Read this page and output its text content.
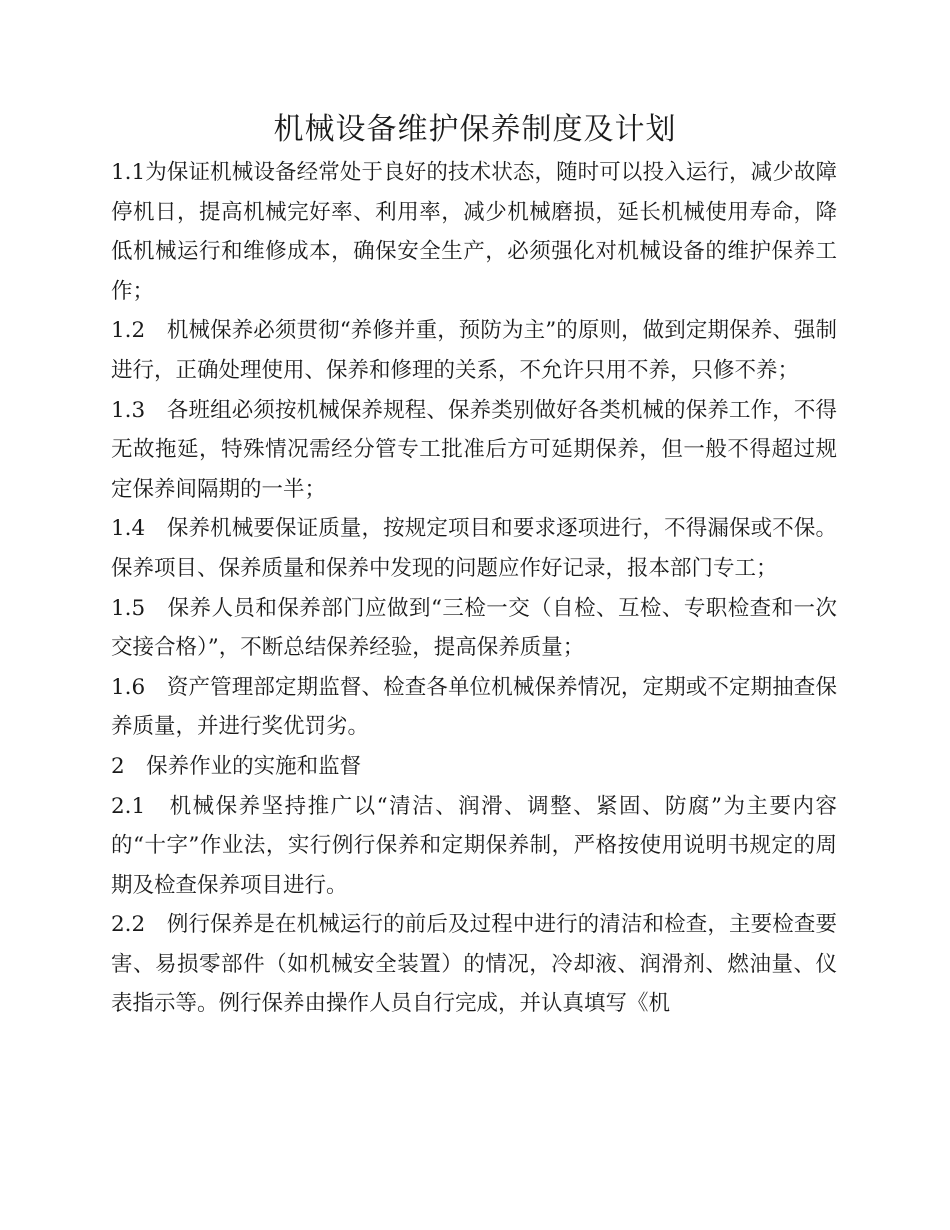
机械设备维护保养制度及计划

1.1为保证机械设备经常处于良好的技术状态，随时可以投入运行，减少故障停机日，提高机械完好率、利用率，减少机械磨损，延长机械使用寿命，降低机械运行和维修成本，确保安全生产，必须强化对机械设备的维护保养工作；

1.2　机械保养必须贯彻“养修并重，预防为主”的原则，做到定期保养、强制进行，正确处理使用、保养和修理的关系，不允许只用不养，只修不养；

1.3　各班组必须按机械保养规程、保养类别做好各类机械的保养工作，不得无故拖延，特殊情况需经分管专工批准后方可延期保养，但一般不得超过规定保养间隔期的一半；

1.4　保养机械要保证质量，按规定项目和要求逐项进行，不得漏保或不保。保养项目、保养质量和保养中发现的问题应作好记录，报本部门专工；

1.5　保养人员和保养部门应做到“三检一交（自检、互检、专职检查和一次交接合格）”，不断总结保养经验，提高保养质量；

1.6　资产管理部定期监督、检查各单位机械保养情况，定期或不定期抽查保养质量，并进行奖优罚劣。

2　保养作业的实施和监督

2.1　机械保养坚持推广以“清洁、润滑、调整、紧固、防腐”为主要内容的“十字”作业法，实行例行保养和定期保养制，严格按使用说明书规定的周期及检查保养项目进行。

2.2　例行保养是在机械运行的前后及过程中进行的清洁和检查，主要检查要害、易损零部件（如机械安全装置）的情况，冷却液、润滑剂、燃油量、仪表指示等。例行保养由操作人员自行完成，并认真填写《机
